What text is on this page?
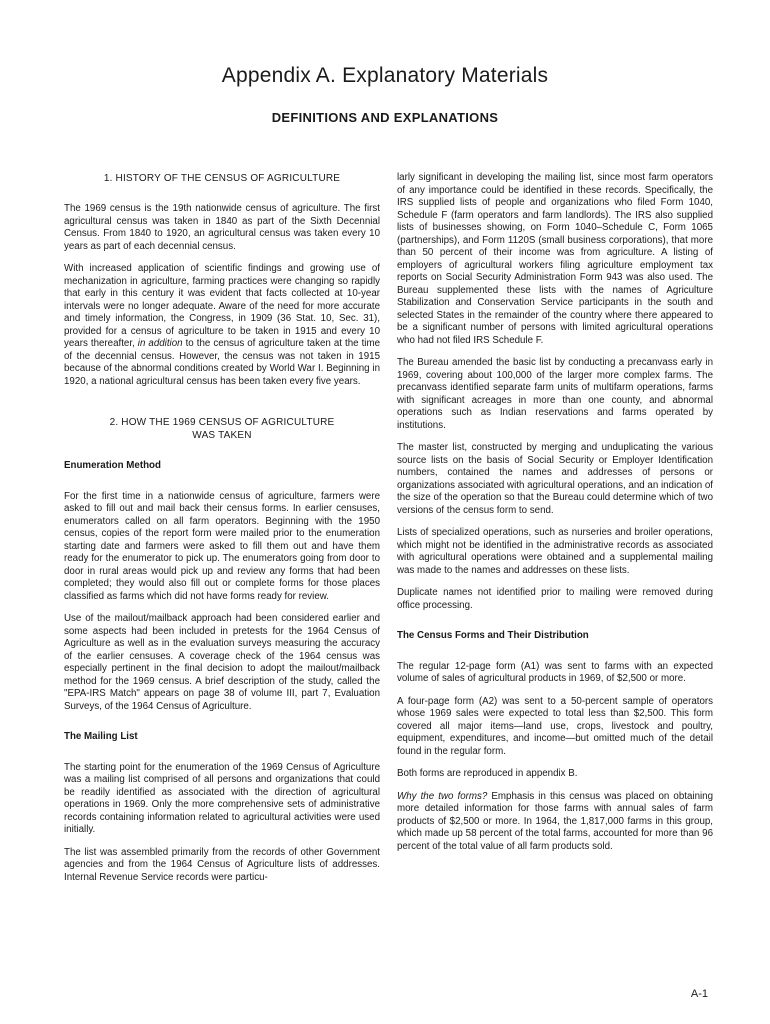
Appendix A. Explanatory Materials
DEFINITIONS AND EXPLANATIONS
1. HISTORY OF THE CENSUS OF AGRICULTURE

The 1969 census is the 19th nationwide census of agriculture. The first agricultural census was taken in 1840 as part of the Sixth Decennial Census. From 1840 to 1920, an agricultural census was taken every 10 years as part of each decennial census.

With increased application of scientific findings and growing use of mechanization in agriculture, farming practices were changing so rapidly that early in this century it was evident that facts collected at 10-year intervals were no longer adequate. Aware of the need for more accurate and timely information, the Congress, in 1909 (36 Stat. 10, Sec. 31), provided for a census of agriculture to be taken in 1915 and every 10 years thereafter, in addition to the census of agriculture taken at the time of the decennial census. However, the census was not taken in 1915 because of the abnormal conditions created by World War I. Beginning in 1920, a national agricultural census has been taken every five years.

2. HOW THE 1969 CENSUS OF AGRICULTURE
WAS TAKEN
Enumeration Method

For the first time in a nationwide census of agriculture, farmers were asked to fill out and mail back their census forms. In earlier censuses, enumerators called on all farm operators. Beginning with the 1950 census, copies of the report form were mailed prior to the enumeration starting date and farmers were asked to fill them out and have them ready for the enumerator to pick up. The enumerators going from door to door in rural areas would pick up and review any forms that had been completed; they would also fill out or complete forms for those places classified as farms which did not have forms ready for review.

Use of the mailout/mailback approach had been considered earlier and some aspects had been included in pretests for the 1964 Census of Agriculture as well as in the evaluation surveys measuring the accuracy of the earlier censuses. A coverage check of the 1964 census was especially pertinent in the final decision to adopt the mailout/mailback method for the 1969 census. A brief description of the study, called the "EPA-IRS Match" appears on page 38 of volume III, part 7, Evaluation Surveys, of the 1964 Census of Agriculture.

The Mailing List

The starting point for the enumeration of the 1969 Census of Agriculture was a mailing list comprised of all persons and organizations that could be readily identified as associated with the direction of agricultural operations in 1969. Only the more comprehensive sets of administrative records containing information related to agricultural activities were used initially.

The list was assembled primarily from the records of other Government agencies and from the 1964 Census of Agriculture lists of addresses. Internal Revenue Service records were particu-

larly significant in developing the mailing list, since most farm operators of any importance could be identified in these records. Specifically, the IRS supplied lists of people and organizations who filed Form 1040, Schedule F (farm operators and farm landlords). The IRS also supplied lists of businesses showing, on Form 1040–Schedule C, Form 1065 (partnerships), and Form 1120S (small business corporations), that more than 50 percent of their income was from agriculture. A listing of employers of agricultural workers filing agriculture employment tax reports on Social Security Administration Form 943 was also used. The Bureau supplemented these lists with the names of Agriculture Stabilization and Conservation Service participants in the south and selected States in the remainder of the country where there appeared to be a significant number of persons with limited agricultural operations who had not filed IRS Schedule F.

The Bureau amended the basic list by conducting a precanvass early in 1969, covering about 100,000 of the larger more complex farms. The precanvass identified separate farm units of multifarm operations, farms with significant acreages in more than one county, and abnormal operations such as Indian reservations and farms operated by institutions.

The master list, constructed by merging and unduplicating the various source lists on the basis of Social Security or Employer Identification numbers, contained the names and addresses of persons or organizations associated with agricultural operations, and an indication of the size of the operation so that the Bureau could determine which of two versions of the census form to send.

Lists of specialized operations, such as nurseries and broiler operations, which might not be identified in the administrative records as associated with agricultural operations were obtained and a supplemental mailing was made to the names and addresses on these lists.

Duplicate names not identified prior to mailing were removed during office processing.

The Census Forms and Their Distribution

The regular 12-page form (A1) was sent to farms with an expected volume of sales of agricultural products in 1969, of $2,500 or more.

A four-page form (A2) was sent to a 50-percent sample of operators whose 1969 sales were expected to total less than $2,500. This form covered all major items—land use, crops, livestock and poultry, equipment, expenditures, and income—but omitted much of the detail found in the regular form.

Both forms are reproduced in appendix B.

Why the two forms? Emphasis in this census was placed on obtaining more detailed information for those farms with annual sales of farm products of $2,500 or more. In 1964, the 1,817,000 farms in this group, which made up 58 percent of the total farms, accounted for more than 96 percent of the total value of all farm products sold.

A-1
